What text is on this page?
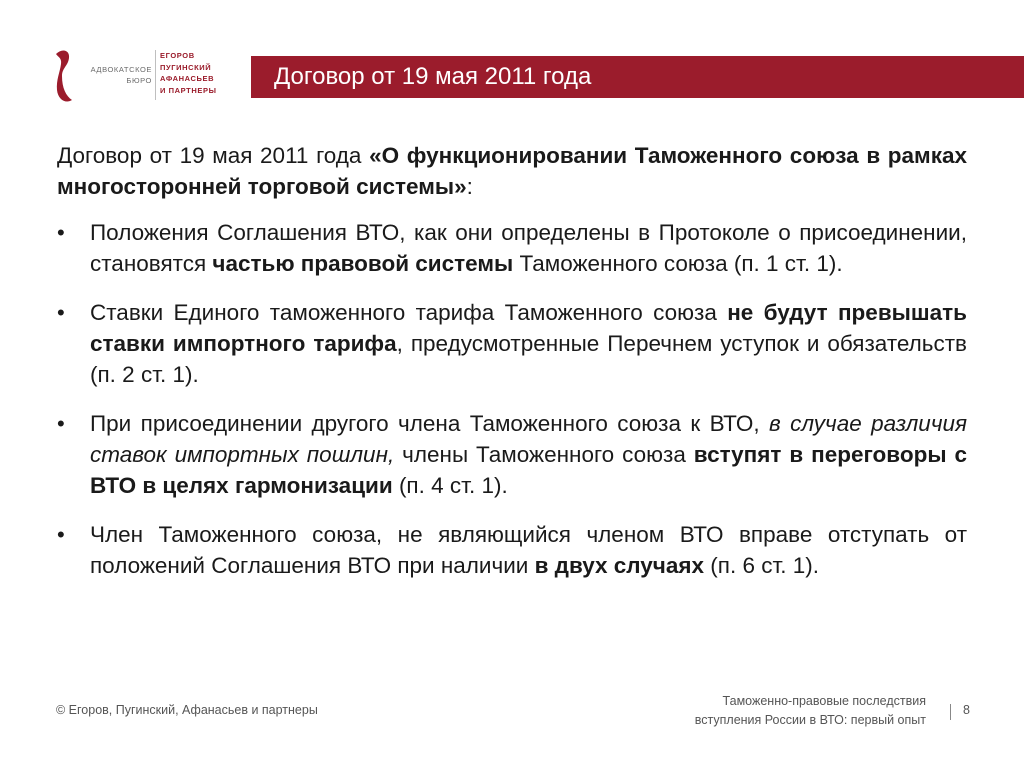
АДВОКАТСКОЕ
БЮРО
ЕГОРОВ
ПУГИНСКИЙ
АФАНАСЬЕВ
И ПАРТНЕРЫ	Договор от 19 мая 2011 года

Договор от 19 мая 2011 года «О функционировании Таможенного союза в рамках многосторонней торговой системы»:

• Положения Соглашения ВТО, как они определены в Протоколе о присоединении, становятся частью правовой системы Таможенного союза (п. 1 ст. 1).
• Ставки Единого таможенного тарифа Таможенного союза не будут превышать ставки импортного тарифа, предусмотренные Перечнем уступок и обязательств (п. 2 ст. 1).
• При присоединении другого члена Таможенного союза к ВТО, в случае различия ставок импортных пошлин, члены Таможенного союза вступят в переговоры с ВТО в целях гармонизации (п. 4 ст. 1).
• Член Таможенного союза, не являющийся членом ВТО вправе отступать от положений Соглашения ВТО при наличии в двух случаях (п. 6 ст. 1).
© Егоров, Пугинский, Афанасьев и партнеры
Таможенно-правовые последствия
вступления России в ВТО: первый опыт
8
